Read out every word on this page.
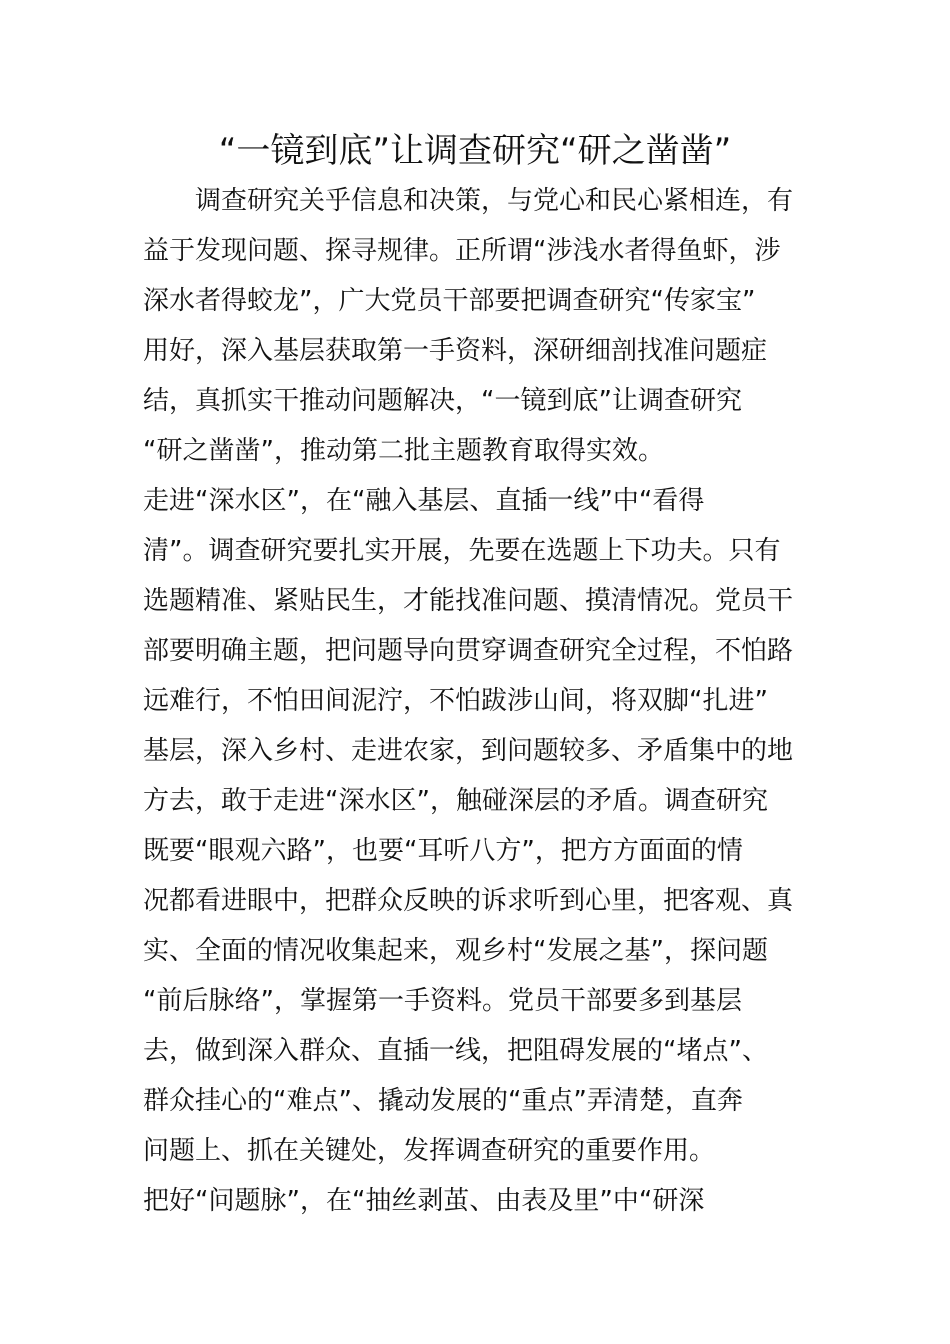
“一镜到底”让调查研究“研之凿凿”
　　调查研究关乎信息和决策，与党心和民心紧相连，有
益于发现问题、探寻规律。正所谓“涉浅水者得鱼虾，涉
深水者得蛟龙”，广大党员干部要把调查研究“传家宝”
用好，深入基层获取第一手资料，深研细剖找准问题症
结，真抓实干推动问题解决，“一镜到底”让调查研究
“研之凿凿”，推动第二批主题教育取得实效。
走进“深水区”，在“融入基层、直插一线”中“看得
清”。调查研究要扎实开展，先要在选题上下功夫。只有
选题精准、紧贴民生，才能找准问题、摸清情况。党员干
部要明确主题，把问题导向贯穿调查研究全过程，不怕路
远难行，不怕田间泥泞，不怕跋涉山间，将双脚“扎进”
基层，深入乡村、走进农家，到问题较多、矛盾集中的地
方去，敢于走进“深水区”，触碰深层的矛盾。调查研究
既要“眼观六路”，也要“耳听八方”，把方方面面的情
况都看进眼中，把群众反映的诉求听到心里，把客观、真
实、全面的情况收集起来，观乡村“发展之基”，探问题
“前后脉络”，掌握第一手资料。党员干部要多到基层
去，做到深入群众、直插一线，把阻碍发展的“堵点”、
群众挂心的“难点”、撬动发展的“重点”弄清楚，直奔
问题上、抓在关键处，发挥调查研究的重要作用。
把好“问题脉”，在“抽丝剥茧、由表及里”中“研深
